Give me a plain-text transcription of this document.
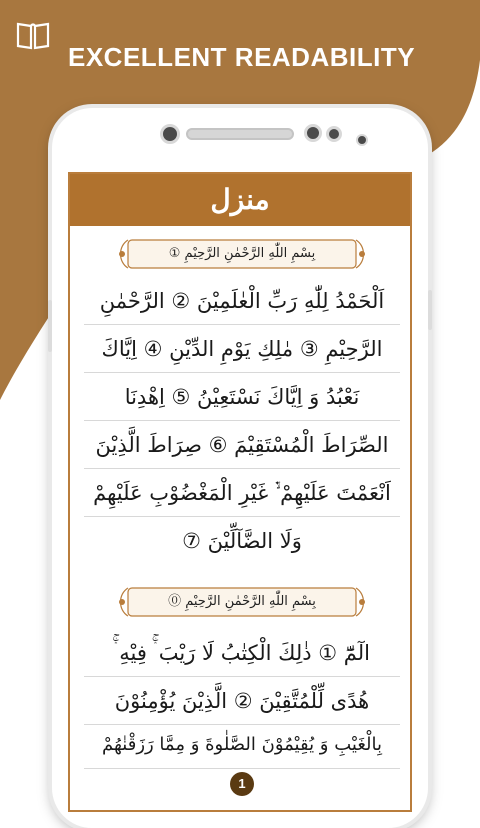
EXCELLENT READABILITY
منزل
بِسْمِ اللّٰهِ الرَّحْمٰنِ الرَّحِيْمِ ①
اَلْحَمْدُ لِلّٰهِ رَبِّ الْعٰلَمِيْنَ ② الرَّحْمٰنِ
الرَّحِيْمِ ③ مٰلِكِ يَوْمِ الدِّيْنِ ④ اِيَّاكَ
نَعْبُدُ وَ اِيَّاكَ نَسْتَعِيْنُ ⑤ اِهْدِنَا
الصِّرَاطَ الْمُسْتَقِيْمَ ⑥ صِرَاطَ الَّذِيْنَ
اَنْعَمْتَ عَلَيْهِمْ ۙ۬ غَيْرِ الْمَغْضُوْبِ عَلَيْهِمْ
وَلَا الضَّآلِّيْنَ ⑦
بِسْمِ اللّٰهِ الرَّحْمٰنِ الرَّحِيْمِ ⓪
الٓمّٓ ① ذٰلِكَ الْكِتٰبُ لَا رَيْبَ ۛۚ فِيْهِ ۛۚ
هُدًى لِّلْمُتَّقِيْنَ ② الَّذِيْنَ يُؤْمِنُوْنَ
بِالْغَيْبِ وَ يُقِيْمُوْنَ الصَّلٰوةَ وَ مِمَّا رَزَقْنٰهُمْ
1
